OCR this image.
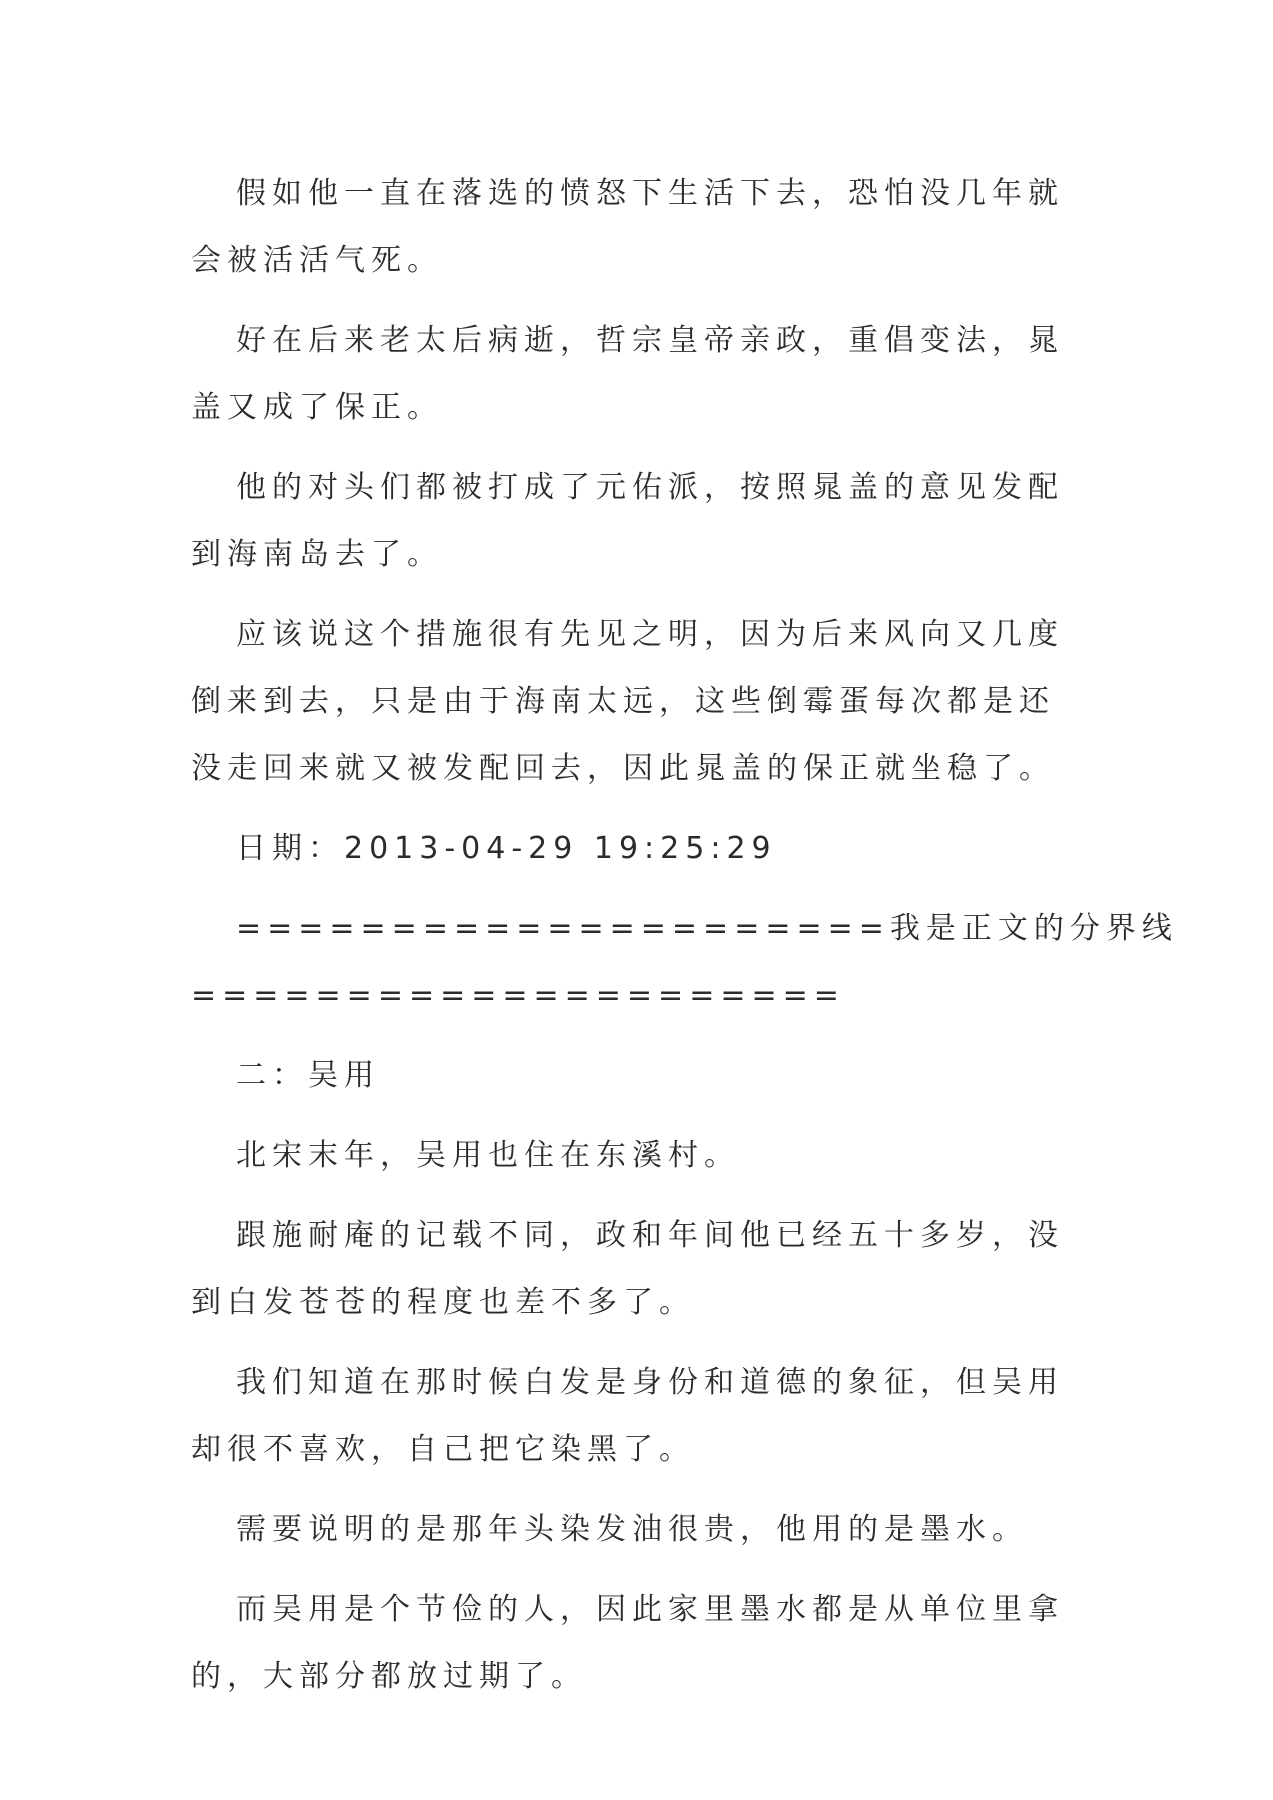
假如他一直在落选的愤怒下生活下去，恐怕没几年就会被活活气死。

好在后来老太后病逝，哲宗皇帝亲政，重倡变法，晁盖又成了保正。

他的对头们都被打成了元佑派，按照晁盖的意见发配到海南岛去了。

应该说这个措施很有先见之明，因为后来风向又几度倒来到去，只是由于海南太远，这些倒霉蛋每次都是还没走回来就又被发配回去，因此晁盖的保正就坐稳了。

日期：2013-04-29 19:25:29

=====================我是正文的分界线

=====================

二：吴用

北宋末年，吴用也住在东溪村。

跟施耐庵的记载不同，政和年间他已经五十多岁，没到白发苍苍的程度也差不多了。

我们知道在那时候白发是身份和道德的象征，但吴用却很不喜欢，自己把它染黑了。

需要说明的是那年头染发油很贵，他用的是墨水。

而吴用是个节俭的人，因此家里墨水都是从单位里拿的，大部分都放过期了。
